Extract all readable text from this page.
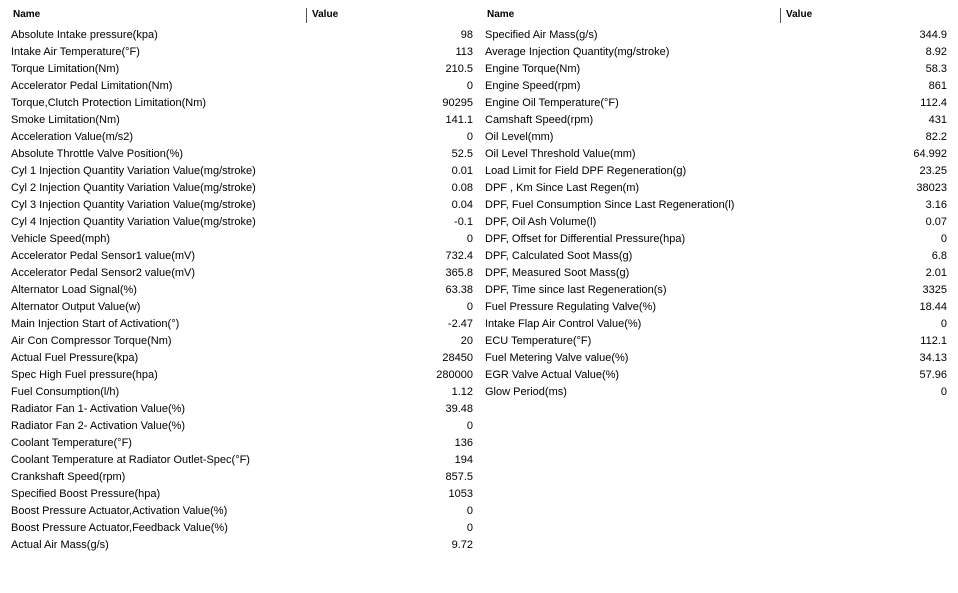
Name	Value
Absolute Intake pressure(kpa)	98
Intake Air Temperature(°F)	113
Torque Limitation(Nm)	210.5
Accelerator Pedal Limitation(Nm)	0
Torque,Clutch Protection Limitation(Nm)	90295
Smoke Limitation(Nm)	141.1
Acceleration Value(m/s2)	0
Absolute Throttle Valve Position(%)	52.5
Cyl 1 Injection Quantity Variation Value(mg/stroke)	0.01
Cyl 2 Injection Quantity Variation Value(mg/stroke)	0.08
Cyl 3 Injection Quantity Variation Value(mg/stroke)	0.04
Cyl 4 Injection Quantity Variation Value(mg/stroke)	-0.1
Vehicle Speed(mph)	0
Accelerator Pedal Sensor1 value(mV)	732.4
Accelerator Pedal Sensor2 value(mV)	365.8
Alternator Load Signal(%)	63.38
Alternator Output Value(w)	0
Main Injection Start of Activation(°)	-2.47
Air Con Compressor Torque(Nm)	20
Actual Fuel Pressure(kpa)	28450
Spec High Fuel pressure(hpa)	280000
Fuel Consumption(l/h)	1.12
Radiator Fan 1- Activation Value(%)	39.48
Radiator Fan 2- Activation Value(%)	0
Coolant Temperature(°F)	136
Coolant Temperature at Radiator Outlet-Spec(°F)	194
Crankshaft Speed(rpm)	857.5
Specified Boost Pressure(hpa)	1053
Boost Pressure Actuator,Activation Value(%)	0
Boost Pressure Actuator,Feedback Value(%)	0
Actual Air Mass(g/s)	9.72
Name	Value
Specified Air Mass(g/s)	344.9
Average Injection Quantity(mg/stroke)	8.92
Engine Torque(Nm)	58.3
Engine Speed(rpm)	861
Engine Oil Temperature(°F)	112.4
Camshaft Speed(rpm)	431
Oil Level(mm)	82.2
Oil Level Threshold Value(mm)	64.992
Load Limit for Field DPF Regeneration(g)	23.25
DPF , Km Since Last Regen(m)	38023
DPF, Fuel Consumption Since Last Regeneration(l)	3.16
DPF, Oil Ash Volume(l)	0.07
DPF, Offset for Differential Pressure(hpa)	0
DPF, Calculated Soot Mass(g)	6.8
DPF, Measured Soot Mass(g)	2.01
DPF, Time since last Regeneration(s)	3325
Fuel Pressure Regulating Valve(%)	18.44
Intake Flap Air Control Value(%)	0
ECU Temperature(°F)	112.1
Fuel Metering Valve value(%)	34.13
EGR Valve Actual Value(%)	57.96
Glow Period(ms)	0
